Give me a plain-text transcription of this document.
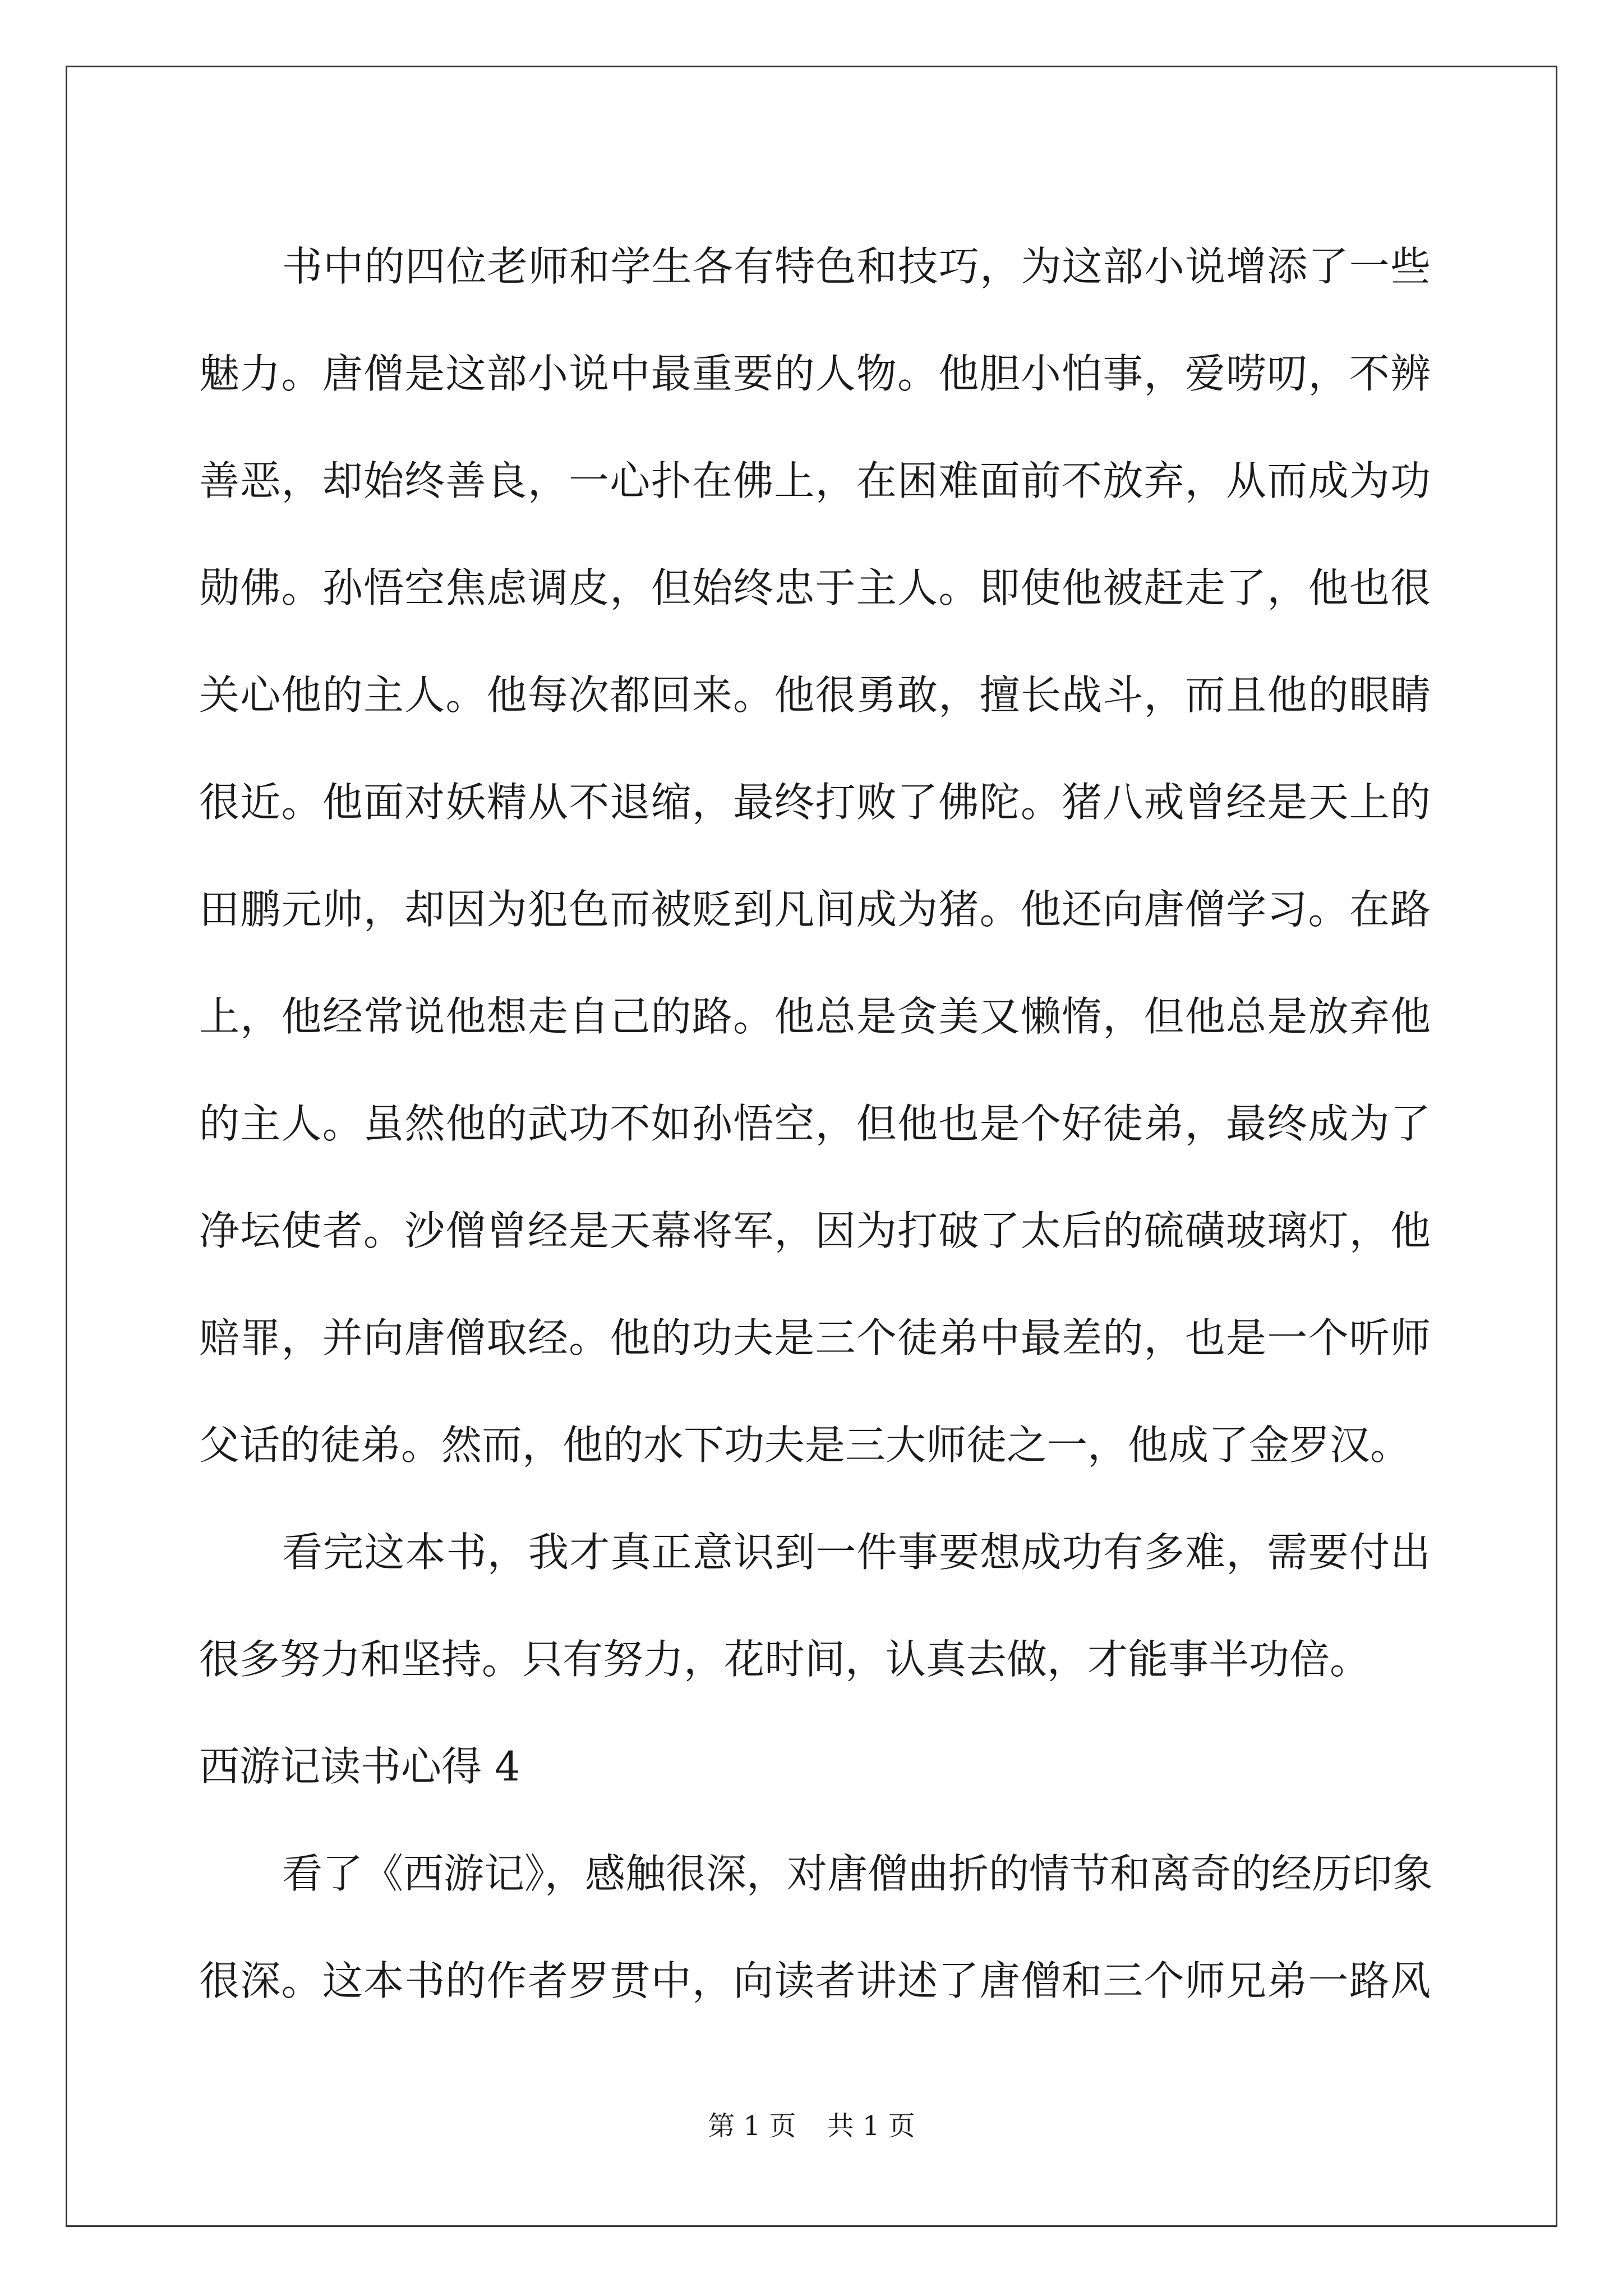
书中的四位老师和学生各有特色和技巧，为这部小说增添了一些
魅力。唐僧是这部小说中最重要的人物。他胆小怕事，爱唠叨，不辨
善恶，却始终善良，一心扑在佛上，在困难面前不放弃，从而成为功
勋佛。孙悟空焦虑调皮，但始终忠于主人。即使他被赶走了，他也很
关心他的主人。他每次都回来。他很勇敢，擅长战斗，而且他的眼睛
很近。他面对妖精从不退缩，最终打败了佛陀。猪八戒曾经是天上的
田鹏元帅，却因为犯色而被贬到凡间成为猪。他还向唐僧学习。在路
上，他经常说他想走自己的路。他总是贪美又懒惰，但他总是放弃他
的主人。虽然他的武功不如孙悟空，但他也是个好徒弟，最终成为了
净坛使者。沙僧曾经是天幕将军，因为打破了太后的硫磺玻璃灯，他
赔罪，并向唐僧取经。他的功夫是三个徒弟中最差的，也是一个听师
父话的徒弟。然而，他的水下功夫是三大师徒之一，他成了金罗汉。
看完这本书，我才真正意识到一件事要想成功有多难，需要付出
很多努力和坚持。只有努力，花时间，认真去做，才能事半功倍。
西游记读书心得 4
看了《西游记》，感触很深，对唐僧曲折的情节和离奇的经历印象
很深。这本书的作者罗贯中，向读者讲述了唐僧和三个师兄弟一路风
第 1 页 共 1 页
